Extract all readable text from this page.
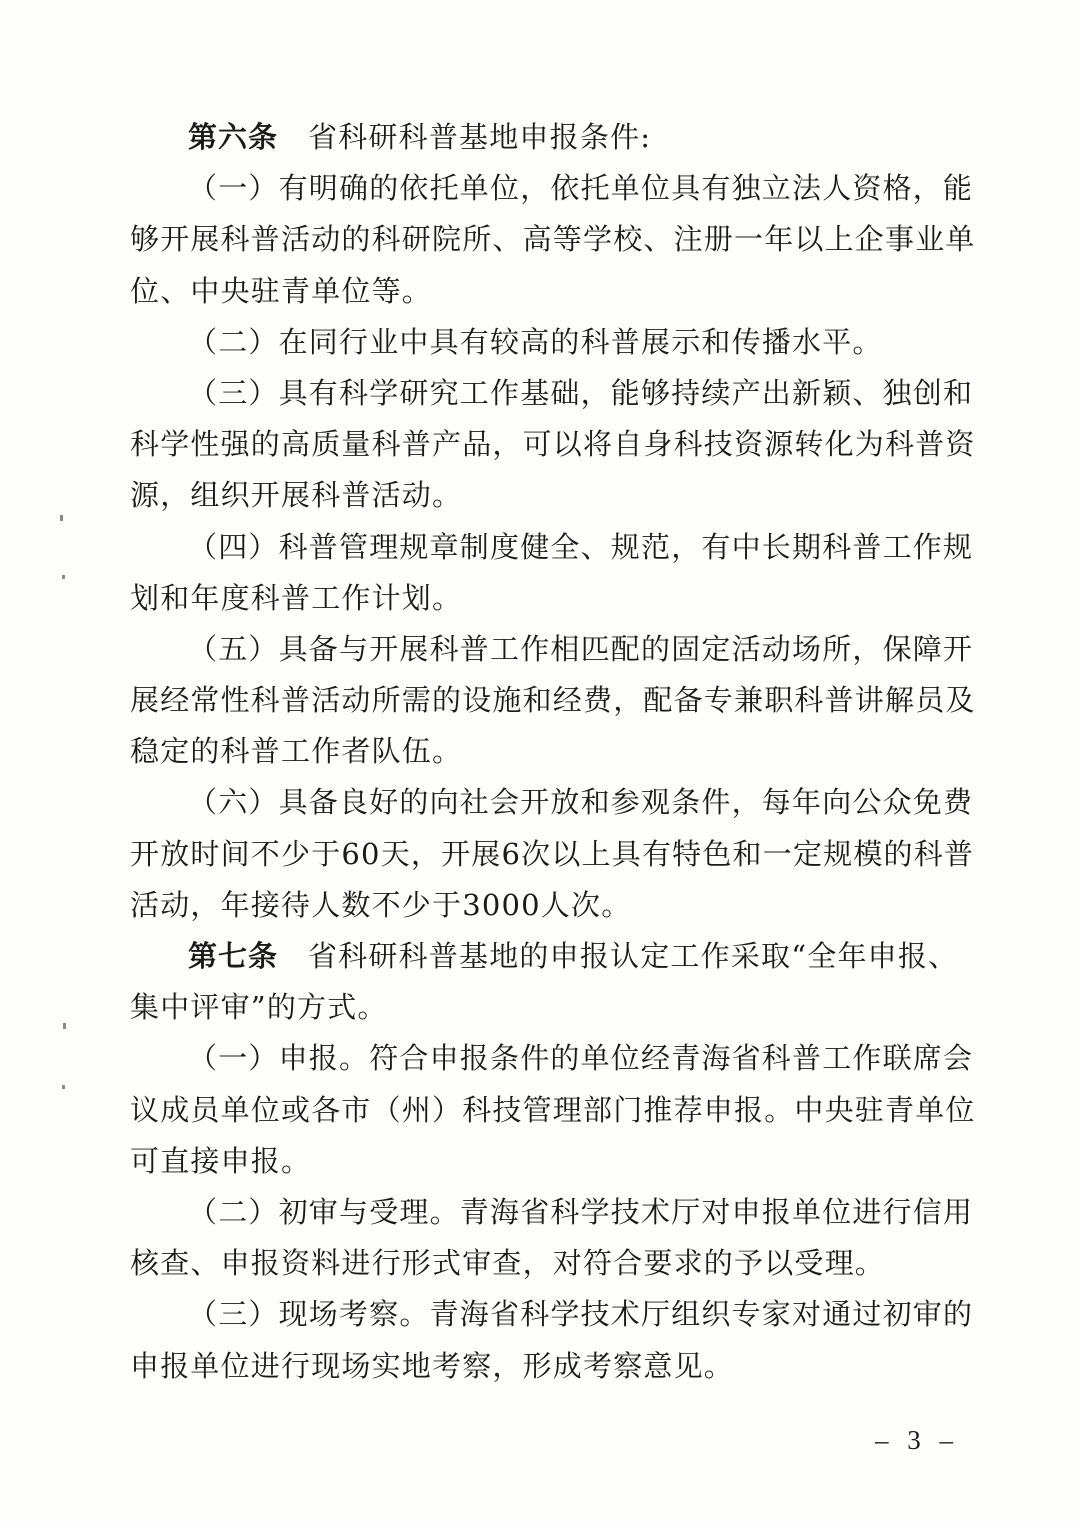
第六条 省科研科普基地申报条件:
（一）有明确的依托单位，依托单位具有独立法人资格，能
够开展科普活动的科研院所、高等学校、注册一年以上企事业单
位、中央驻青单位等。
（二）在同行业中具有较高的科普展示和传播水平。
（三）具有科学研究工作基础，能够持续产出新颖、独创和
科学性强的高质量科普产品，可以将自身科技资源转化为科普资
源，组织开展科普活动。
（四）科普管理规章制度健全、规范，有中长期科普工作规
划和年度科普工作计划。
（五）具备与开展科普工作相匹配的固定活动场所，保障开
展经常性科普活动所需的设施和经费，配备专兼职科普讲解员及
稳定的科普工作者队伍。
（六）具备良好的向社会开放和参观条件，每年向公众免费
开放时间不少于60天，开展6次以上具有特色和一定规模的科普
活动，年接待人数不少于3000人次。
第七条 省科研科普基地的申报认定工作采取“全年申报、
集中评审”的方式。
（一）申报。符合申报条件的单位经青海省科普工作联席会
议成员单位或各市（州）科技管理部门推荐申报。中央驻青单位
可直接申报。
（二）初审与受理。青海省科学技术厅对申报单位进行信用
核查、申报资料进行形式审查，对符合要求的予以受理。
（三）现场考察。青海省科学技术厅组织专家对通过初审的
申报单位进行现场实地考察，形成考察意见。
– 3 –
